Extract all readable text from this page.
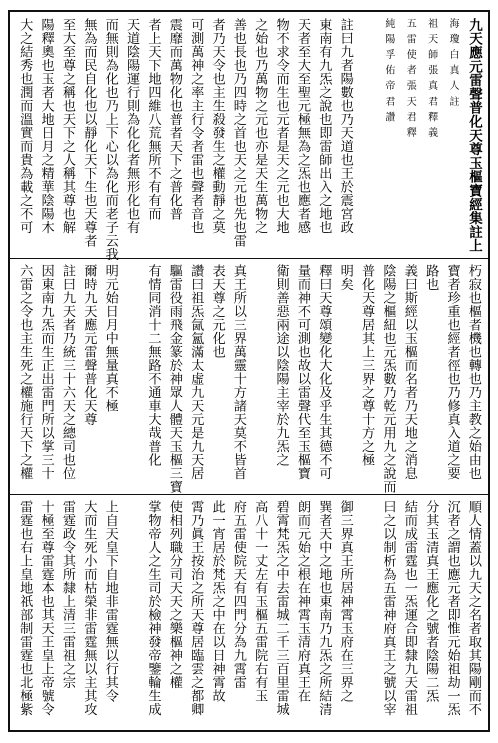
九天應元雷聲普化天尊玉樞寶經集註上
海瓊白真人註
祖天師張真君釋義
五雷使者張天君釋
純陽孚佑帝君讚
註曰九者陽數也乃天道也王於震宮政
東南有九炁之說也即雷師出入之地也
天者至大至聖元極無為之炁也應者感
物不求令而生也元者是天之元也大地
之始也乃萬物之元也亦是天生萬物之
善也長也乃四時之首也天之元也先也雷
者乃天令也主生殺發生之權動靜之莫
可測萬神之率主行令者雷也聲者音也
震靡而萬物化也普者天下之普化普
者上天下地四維八荒無所不有有而
天道陰陽運行則為化化者無形化也有
而無則為化也乃上下心以為化而老子云我
無為而民自化也以靜化天下生也天尊者
至大至尊之稱也天下之人稱其尊也解
陽釋奧也玉者大地日月之精華陰陽木
大之結秀也潤而溫實而貴為載之不可
朽寂也樞者機也轉也乃主教之始由也
寶者珍重也經者徑也乃修真入道之要
路也
義曰斯經以玉樞而名者乃天地之消息
陰陽之樞紐也元炁數乃乾元用九之說而
普化天尊居其上三界之尊十方之極
明矣
釋曰天尊頌變化大化及乎生其德不可
量而神不可測也故以雷聲代至玉樞寶
衛則善惡兩途以陰陽主宰於九炁之
真王所以三界萬靈十方諸天莫不皆首
表天尊之元化也
讚曰祖炁氤氳滿太虛九天元是九天居
驅雷役雨飛金篆於神眾人體天玉樞三寶
有情同消十二無路不通車大哉普化
明元始日月中無量真不極
爾時九天應元雷聲普化天尊
註曰九天者乃統三十六天之總司也位
因東南九炁而生正出雷門所以掌三十
六雷之令也主生死之權施行天下之權
順人情蓋以九天之名者取其陽剛而不
沉者之謂也應元者即惟元始祖劫一炁
分其玉清真王應化之號者陰陽二炁
結而成雷霆也一炁運合即隸九天雷祖
曰之以制析為五雷神府真王之號以宰
御三界真王所居神霄玉府在三界之
巽者天中之地也東南乃九炁之所結清
朗而元始之根在神霄玉清府真王在
碧霄梵炁之中去雷城二千三百里雷城
高八十一丈左有玉樞五雷院右有玉
府五雷使院天有四門分為九霄雷
此一宵居於梵炁之中在以日神霄故
霄乃眞王按治之所天尊居臨雲之都卿
使相列職分司天天之樂樞神之權
掌物帝人之生司於檢神發帝鑒輪生成
上自天皇下自地非雷霆無以行其令
大而生死小而枯榮非雷霆無以主其攻
雷霆政令其所隸上清三雷祖之宗
十極至尊雷霆本也其天王皇上帝號令
雷霆也右上皇地祇部制雷霆也北極紫
